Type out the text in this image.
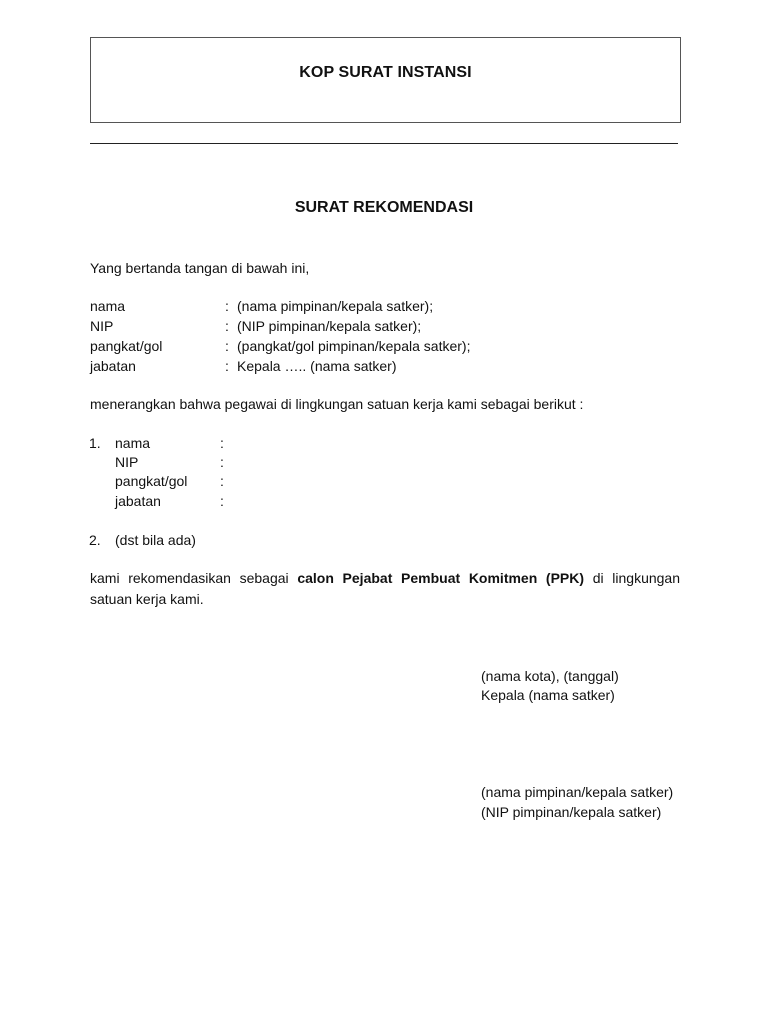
KOP SURAT INSTANSI
SURAT REKOMENDASI
Yang bertanda tangan di bawah ini,
nama	: (nama pimpinan/kepala satker);
NIP	: (NIP pimpinan/kepala satker);
pangkat/gol	: (pangkat/gol pimpinan/kepala satker);
jabatan	: Kepala ….. (nama satker)
menerangkan bahwa pegawai di lingkungan satuan kerja kami sebagai berikut :
1. nama	:
NIP	:
pangkat/gol :
jabatan	:
2. (dst bila ada)
kami rekomendasikan sebagai calon Pejabat Pembuat Komitmen (PPK) di lingkungan satuan kerja kami.
(nama kota), (tanggal)
Kepala (nama satker)
(nama pimpinan/kepala satker)
(NIP pimpinan/kepala satker)
